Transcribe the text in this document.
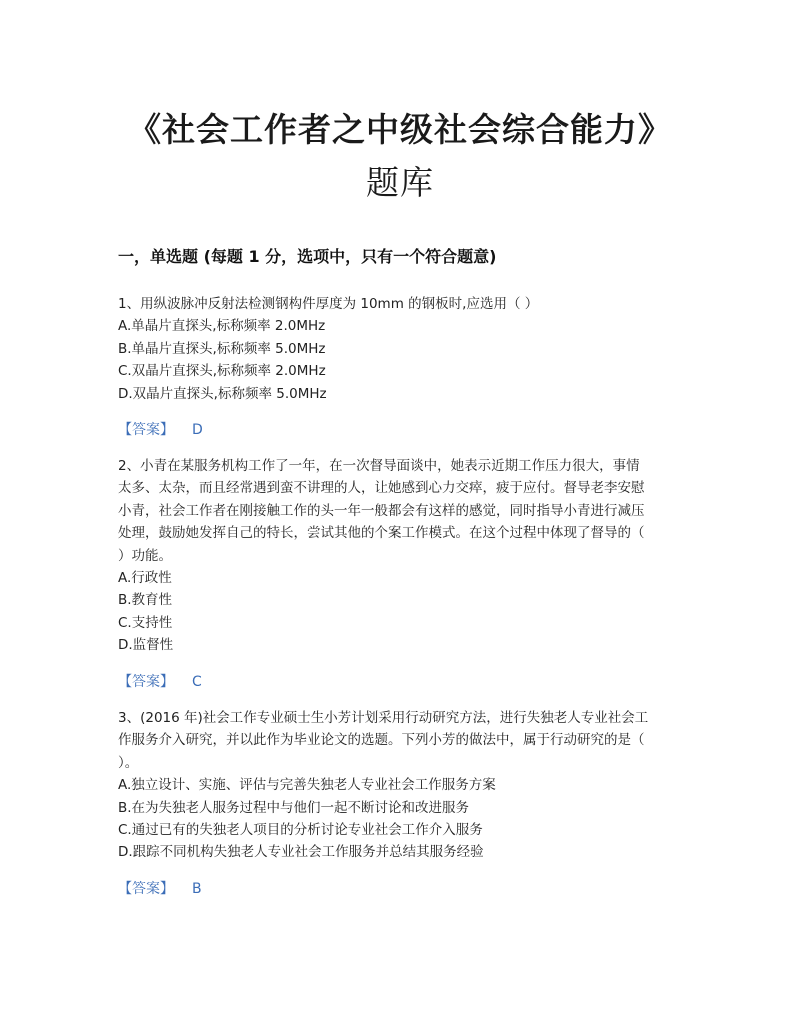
《社会工作者之中级社会综合能力》
题库
一，单选题 (每题 1 分，选项中，只有一个符合题意)

1、用纵波脉冲反射法检测钢构件厚度为 10mm 的钢板时,应选用（ ）

A.单晶片直探头,标称频率 2.0MHz

B.单晶片直探头,标称频率 5.0MHz

C.双晶片直探头,标称频率 2.0MHz

D.双晶片直探头,标称频率 5.0MHz

【答案】 D

2、小青在某服务机构工作了一年，在一次督导面谈中，她表示近期工作压力很大，事情

太多、太杂，而且经常遇到蛮不讲理的人，让她感到心力交瘁，疲于应付。督导老李安慰

小青，社会工作者在刚接触工作的头一年一般都会有这样的感觉，同时指导小青进行减压

处理，鼓励她发挥自己的特长，尝试其他的个案工作模式。在这个过程中体现了督导的（

）功能。

A.行政性

B.教育性

C.支持性

D.监督性

【答案】 C

3、(2016 年)社会工作专业硕士生小芳计划采用行动研究方法，进行失独老人专业社会工

作服务介入研究，并以此作为毕业论文的选题。下列小芳的做法中，属于行动研究的是（

）。

A.独立设计、实施、评估与完善失独老人专业社会工作服务方案

B.在为失独老人服务过程中与他们一起不断讨论和改进服务

C.通过已有的失独老人项目的分析讨论专业社会工作介入服务

D.跟踪不同机构失独老人专业社会工作服务并总结其服务经验

【答案】 B
